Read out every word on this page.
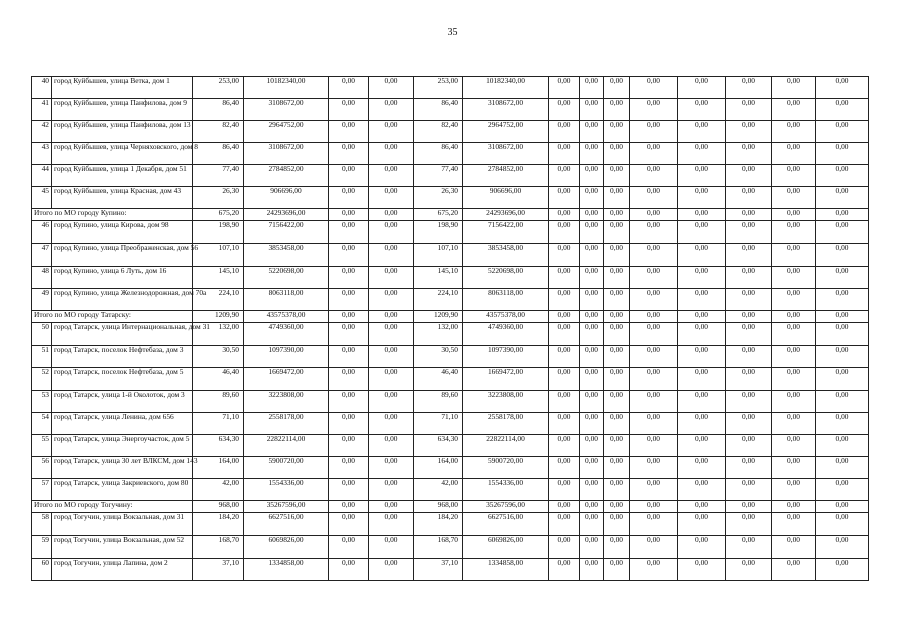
35
40	город Куйбышев, улица Ветка, дом 1	253,00	10182340,00	0,00	0,00	253,00	10182340,00	0,00	0,00	0,00	0,00	0,00	0,00	0,00	0,00
41	город Куйбышев, улица Панфилова, дом 9	86,40	3108672,00	0,00	0,00	86,40	3108672,00	0,00	0,00	0,00	0,00	0,00	0,00	0,00	0,00
42	город Куйбышев, улица Панфилова, дом 13	82,40	2964752,00	0,00	0,00	82,40	2964752,00	0,00	0,00	0,00	0,00	0,00	0,00	0,00	0,00
43	город Куйбышев, улица Черняховского, дом 8	86,40	3108672,00	0,00	0,00	86,40	3108672,00	0,00	0,00	0,00	0,00	0,00	0,00	0,00	0,00
44	город Куйбышев, улица 1 Декабря, дом 51	77,40	2784852,00	0,00	0,00	77,40	2784852,00	0,00	0,00	0,00	0,00	0,00	0,00	0,00	0,00
45	город Куйбышев, улица Красная, дом 43	26,30	906696,00	0,00	0,00	26,30	906696,00	0,00	0,00	0,00	0,00	0,00	0,00	0,00	0,00
Итого по МО городу Купино:		675,20	24293696,00	0,00	0,00	675,20	24293696,00	0,00	0,00	0,00	0,00	0,00	0,00	0,00	0,00
46	город Купино, улица Кирова, дом 98	198,90	7156422,00	0,00	0,00	198,90	7156422,00	0,00	0,00	0,00	0,00	0,00	0,00	0,00	0,00
47	город Купино, улица Преображенская, дом 56	107,10	3853458,00	0,00	0,00	107,10	3853458,00	0,00	0,00	0,00	0,00	0,00	0,00	0,00	0,00
48	город Купино, улица 6 Луть, дом 16	145,10	5220698,00	0,00	0,00	145,10	5220698,00	0,00	0,00	0,00	0,00	0,00	0,00	0,00	0,00
49	город Купино, улица Железнодорожная, дом 70а	224,10	8063118,00	0,00	0,00	224,10	8063118,00	0,00	0,00	0,00	0,00	0,00	0,00	0,00	0,00
Итого по МО городу Татарску:		1209,90	43575378,00	0,00	0,00	1209,90	43575378,00	0,00	0,00	0,00	0,00	0,00	0,00	0,00	0,00
50	город Татарск, улица Интернациональная, дом 31	132,00	4749360,00	0,00	0,00	132,00	4749360,00	0,00	0,00	0,00	0,00	0,00	0,00	0,00	0,00
51	город Татарск, поселок Нефтебаза, дом 3	30,50	1097390,00	0,00	0,00	30,50	1097390,00	0,00	0,00	0,00	0,00	0,00	0,00	0,00	0,00
52	город Татарск, поселок Нефтебаза, дом 5	46,40	1669472,00	0,00	0,00	46,40	1669472,00	0,00	0,00	0,00	0,00	0,00	0,00	0,00	0,00
53	город Татарск, улица 1-й Околоток, дом 3	89,60	3223808,00	0,00	0,00	89,60	3223808,00	0,00	0,00	0,00	0,00	0,00	0,00	0,00	0,00
54	город Татарск, улица Ленина, дом 656	71,10	2558178,00	0,00	0,00	71,10	2558178,00	0,00	0,00	0,00	0,00	0,00	0,00	0,00	0,00
55	город Татарск, улица Энергоучасток, дом 5	634,30	22822114,00	0,00	0,00	634,30	22822114,00	0,00	0,00	0,00	0,00	0,00	0,00	0,00	0,00
56	город Татарск, улица 30 лет ВЛКСМ, дом 143	164,00	5900720,00	0,00	0,00	164,00	5900720,00	0,00	0,00	0,00	0,00	0,00	0,00	0,00	0,00
57	город Татарск, улица Закриевского, дом 80	42,00	1554336,00	0,00	0,00	42,00	1554336,00	0,00	0,00	0,00	0,00	0,00	0,00	0,00	0,00
Итого по МО городу Тогучину:		968,00	35267596,00	0,00	0,00	968,00	35267596,00	0,00	0,00	0,00	0,00	0,00	0,00	0,00	0,00
58	город Тогучин, улица Вокзальная, дом 31	184,20	6627516,00	0,00	0,00	184,20	6627516,00	0,00	0,00	0,00	0,00	0,00	0,00	0,00	0,00
59	город Тогучин, улица Вокзальная, дом 52	168,70	6069826,00	0,00	0,00	168,70	6069826,00	0,00	0,00	0,00	0,00	0,00	0,00	0,00	0,00
60	город Тогучин, улица Лапина, дом 2	37,10	1334858,00	0,00	0,00	37,10	1334858,00	0,00	0,00	0,00	0,00	0,00	0,00	0,00	0,00
